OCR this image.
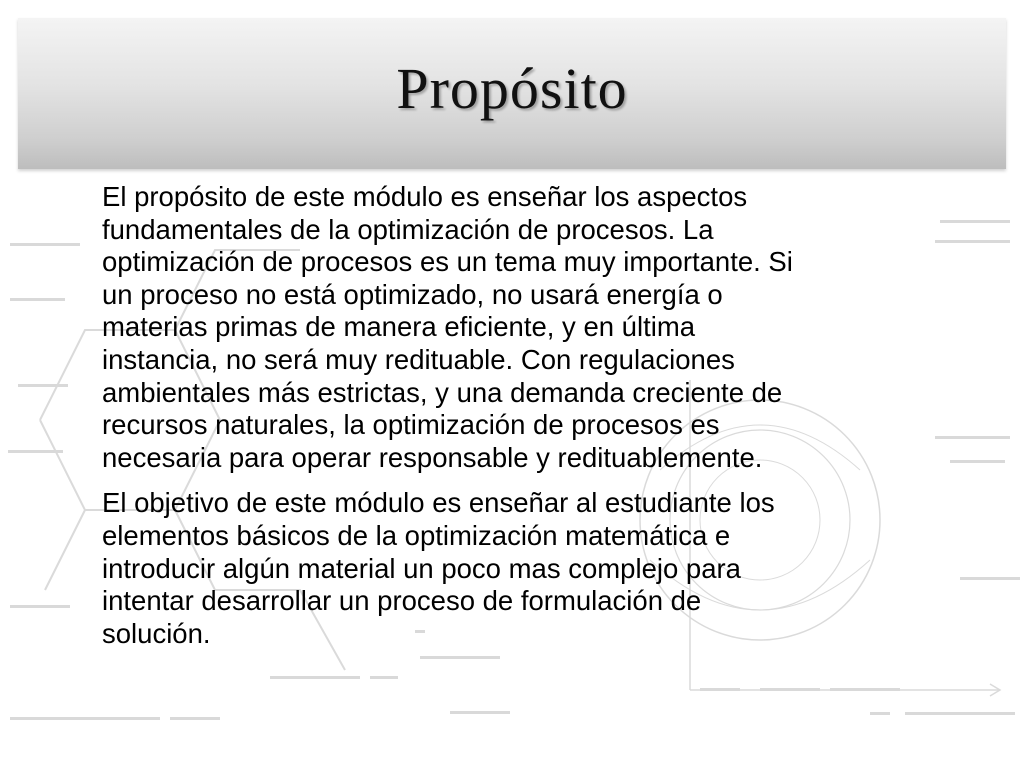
Propósito

El propósito de este módulo es enseñar los aspectos
fundamentales de la optimización de procesos. La
optimización de procesos es un tema muy importante. Si
un proceso no está optimizado, no usará energía o
materias primas de manera eficiente, y en última
instancia, no será muy redituable. Con regulaciones
ambientales más estrictas, y una demanda creciente de
recursos naturales, la optimización de procesos es
necesaria para operar responsable y redituablemente.

El objetivo de este módulo es enseñar al estudiante los
elementos básicos de la optimización matemática e
introducir algún material un poco mas complejo para
intentar desarrollar un proceso de formulación de
solución.
